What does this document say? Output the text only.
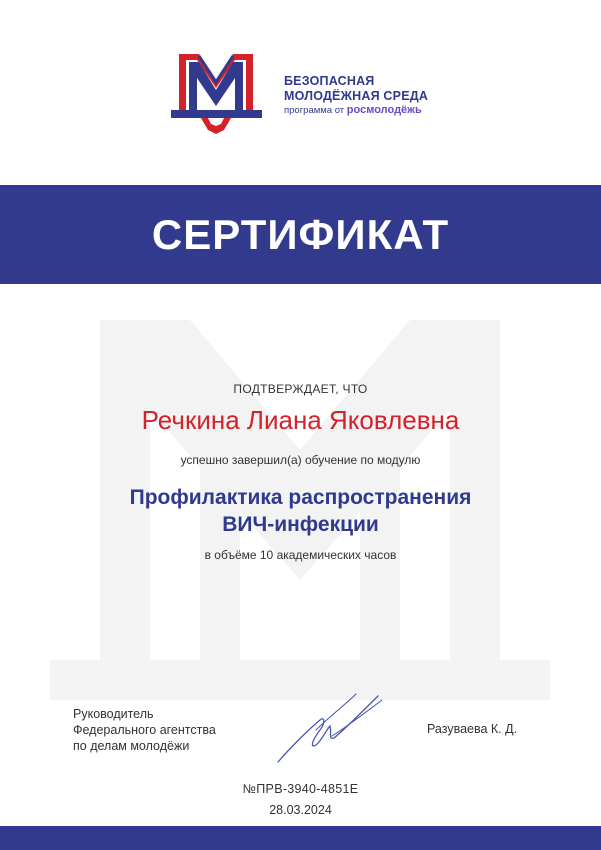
БЕЗОПАСНАЯ
МОЛОДЁЖНАЯ СРЕДА
программа от росмолодёжь
СЕРТИФИКАТ
ПОДТВЕРЖДАЕТ, ЧТО
Речкина Лиана Яковлевна
успешно завершил(а) обучение по модулю
Профилактика распространения
ВИЧ-инфекции
в объёме 10 академических часов
Руководитель
Федерального агентства
по делам молодёжи
Разуваева К. Д.
№ПРВ-3940-4851Е
28.03.2024
